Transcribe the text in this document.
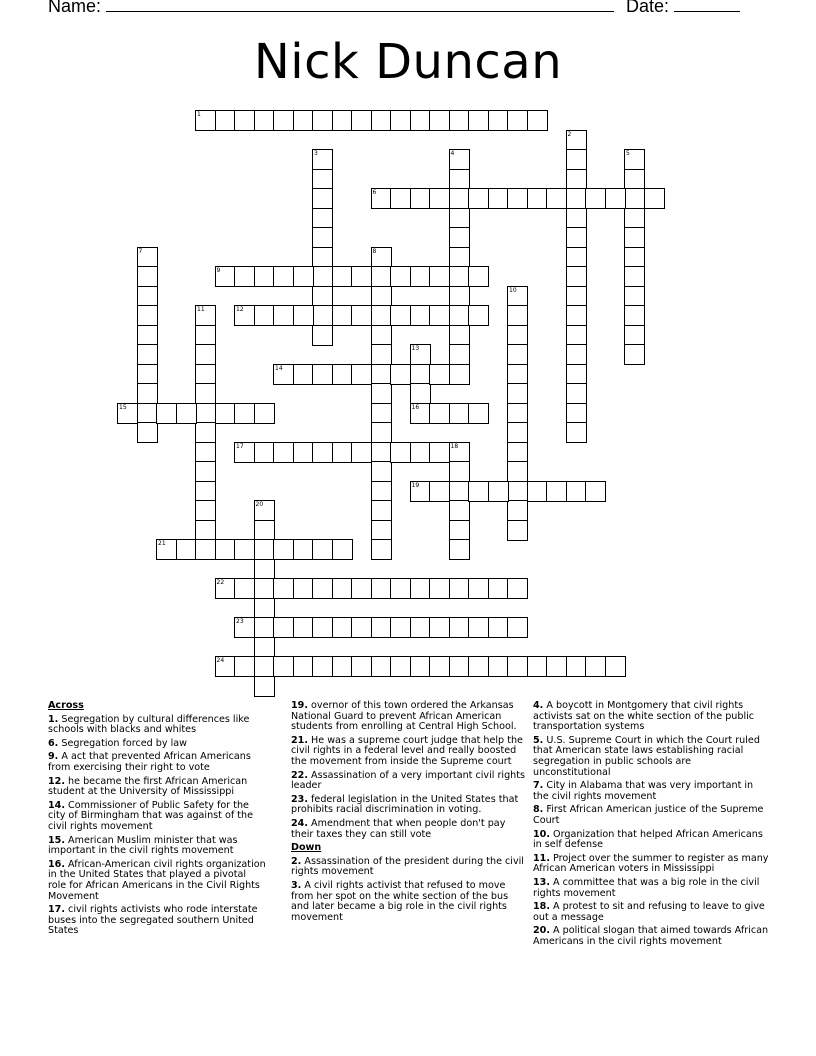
Name:	Date:
Nick Duncan
1
2
3	4	5
6
7	8
9
10
11	12
13
16
14
15
17	18
19
20
21
22
23
24
Across
1. Segregation by cultural differences like schools with blacks and whites
6. Segregation forced by law
9. A act that prevented African Americans from exercising their right to vote
12. he became the first African American student at the University of Mississippi
14. Commissioner of Public Safety for the city of Birmingham that was against of the civil rights movement
15. American Muslim minister that was important in the civil rights movement
16. African-American civil rights organization in the United States that played a pivotal role for African Americans in the Civil Rights Movement
17. civil rights activists who rode interstate buses into the segregated southern United States
19. overnor of this town ordered the Arkansas National Guard to prevent African American students from enrolling at Central High School.
21. He was a supreme court judge that help the civil rights in a federal level and really boosted the movement from inside the Supreme court
22. Assassination of a very important civil rights leader
23. federal legislation in the United States that prohibits racial discrimination in voting.
24. Amendment that when people don't pay their taxes they can still vote
Down
2. Assassination of the president during the civil rights movement
3. A civil rights activist that refused to move from her spot on the white section of the bus and later became a big role in the civil rights movement
4. A boycott in Montgomery that civil rights activists sat on the white section of the public transportation systems
5. U.S. Supreme Court in which the Court ruled that American state laws establishing racial segregation in public schools are unconstitutional
7. City in Alabama that was very important in the civil rights movement
8. First African American justice of the Supreme Court
10. Organization that helped African Americans in self defense
11. Project over the summer to register as many African American voters in Mississippi
13. A committee that was a big role in the civil rights movement
18. A protest to sit and refusing to leave to give out a message
20. A political slogan that aimed towards African Americans in the civil rights movement
